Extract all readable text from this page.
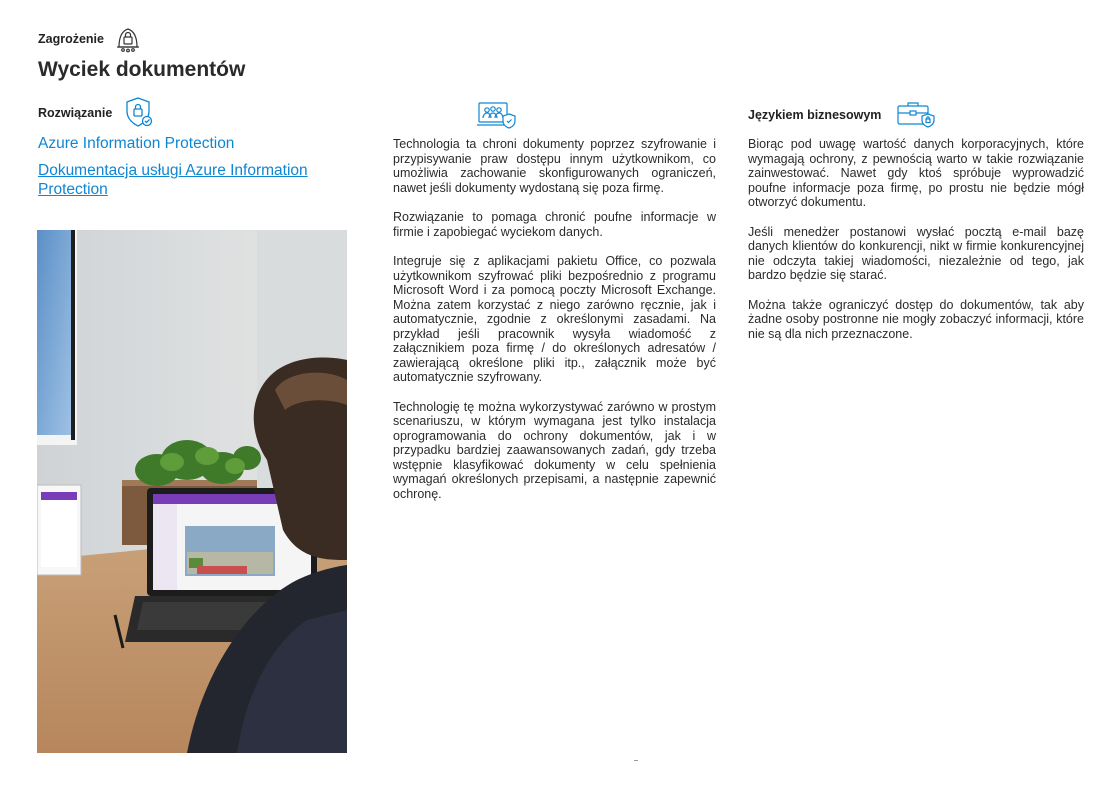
Zagrożenie
Wyciek dokumentów
Rozwiązanie
Azure Information Protection
Dokumentacja usługi Azure Information Protection

Technologia ta chroni dokumenty poprzez szyfrowanie i przypisywanie praw dostępu innym użytkownikom, co umożliwia zachowanie skonfigurowanych ograniczeń, nawet jeśli dokumenty wydostaną się poza firmę.

Rozwiązanie to pomaga chronić poufne informacje w firmie i zapobiegać wyciekom danych.

Integruje się z aplikacjami pakietu Office, co pozwala użytkownikom szyfrować pliki bezpośrednio z programu Microsoft Word i za pomocą poczty Microsoft Exchange. Można zatem korzystać z niego zarówno ręcznie, jak i automatycznie, zgodnie z określonymi zasadami. Na przykład jeśli pracownik wysyła wiadomość z załącznikiem poza firmę / do określonych adresatów / zawierającą określone pliki itp., załącznik może być automatycznie szyfrowany.

Technologię tę można wykorzystywać zarówno w prostym scenariuszu, w którym wymagana jest tylko instalacja oprogramowania do ochrony dokumentów, jak i w przypadku bardziej zaawansowanych zadań, gdy trzeba wstępnie klasyfikować dokumenty w celu spełnienia wymagań określonych przepisami, a następnie zapewnić ochronę.

Językiem biznesowym

Biorąc pod uwagę wartość danych korporacyjnych, które wymagają ochrony, z pewnością warto w takie rozwiązanie zainwestować. Nawet gdy ktoś spróbuje wyprowadzić poufne informacje poza firmę, po prostu nie będzie mógł otworzyć dokumentu.

Jeśli menedżer postanowi wysłać pocztą e-mail bazę danych klientów do konkurencji, nikt w firmie konkurencyjnej nie odczyta takiej wiadomości, niezależnie od tego, jak bardzo będzie się starać.

Można także ograniczyć dostęp do dokumentów, tak aby żadne osoby postronne nie mogły zobaczyć informacji, które nie są dla nich przeznaczone.
